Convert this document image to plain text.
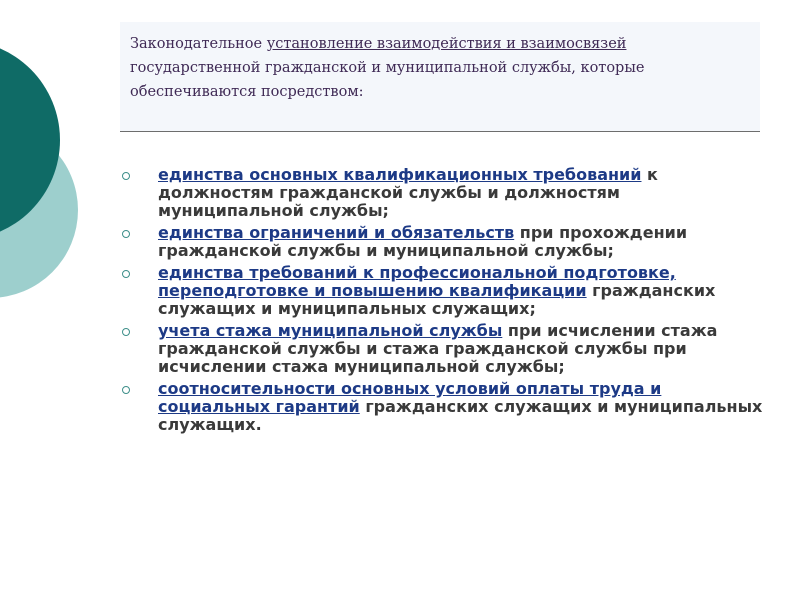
Законодательное установление взаимодействия и взаимосвязей государственной гражданской и муниципальной службы, которые обеспечиваются посредством:

единства основных квалификационных требований к должностям гражданской службы и должностям муниципальной службы;
единства ограничений и обязательств при прохождении гражданской службы и муниципальной службы;
единства требований к профессиональной подготовке, переподготовке и повышению квалификации гражданских служащих и муниципальных служащих;
учета стажа муниципальной службы при исчислении стажа гражданской службы и стажа гражданской службы при исчислении стажа муниципальной службы;
соотносительности основных условий оплаты труда и социальных гарантий гражданских служащих и муниципальных служащих.
